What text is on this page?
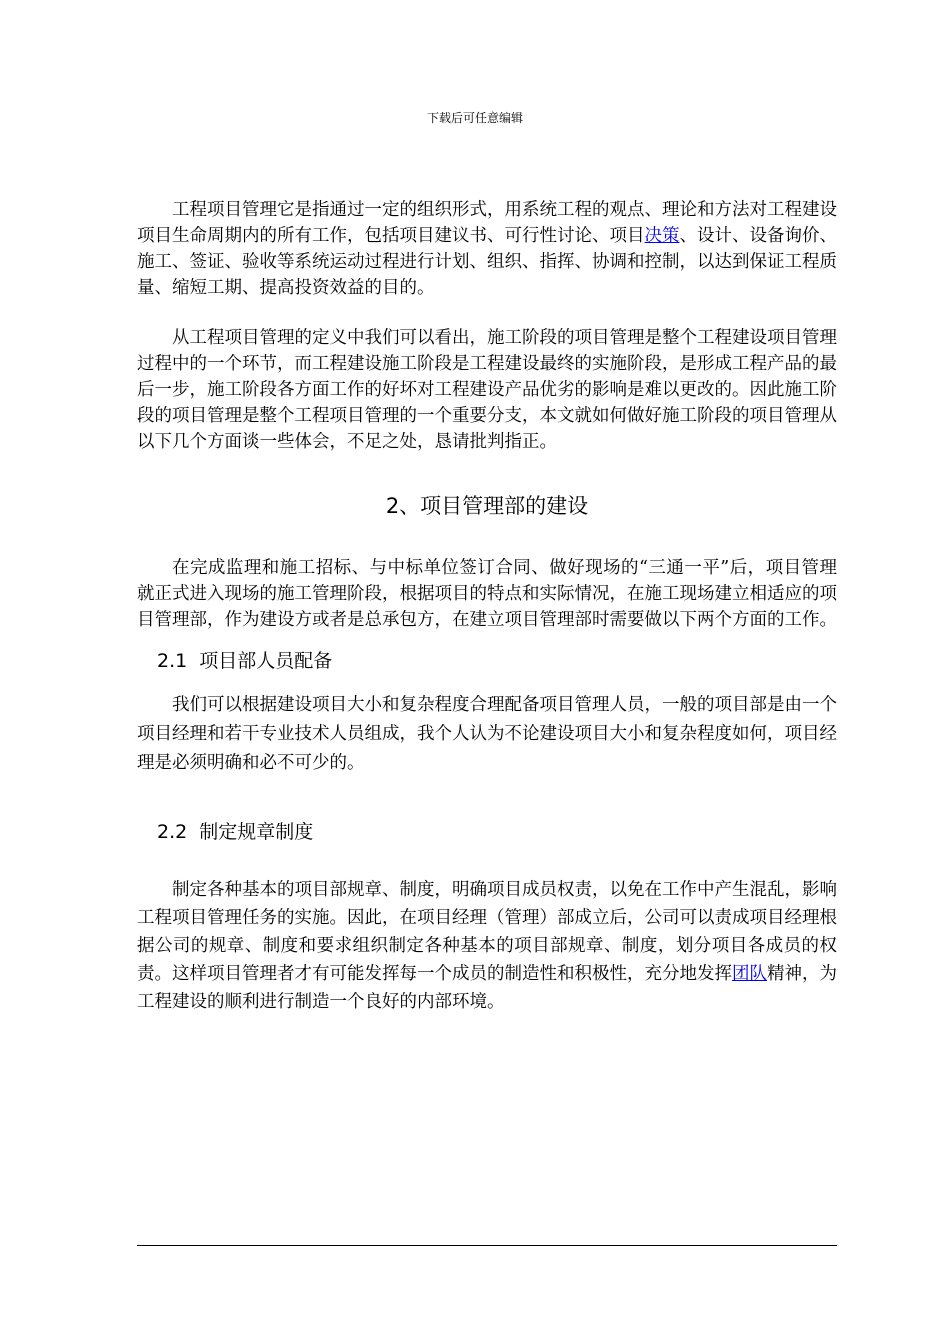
下载后可任意编辑

工程项目管理它是指通过一定的组织形式，用系统工程的观点、理论和方法对工程建设项目生命周期内的所有工作，包括项目建议书、可行性讨论、项目决策、设计、设备询价、施工、签证、验收等系统运动过程进行计划、组织、指挥、协调和控制，以达到保证工程质量、缩短工期、提高投资效益的目的。

从工程项目管理的定义中我们可以看出，施工阶段的项目管理是整个工程建设项目管理过程中的一个环节，而工程建设施工阶段是工程建设最终的实施阶段，是形成工程产品的最后一步，施工阶段各方面工作的好坏对工程建设产品优劣的影响是难以更改的。因此施工阶段的项目管理是整个工程项目管理的一个重要分支，本文就如何做好施工阶段的项目管理从以下几个方面谈一些体会，不足之处，恳请批判指正。

2、项目管理部的建设

在完成监理和施工招标、与中标单位签订合同、做好现场的“三通一平”后，项目管理就正式进入现场的施工管理阶段，根据项目的特点和实际情况，在施工现场建立相适应的项目管理部，作为建设方或者是总承包方，在建立项目管理部时需要做以下两个方面的工作。

2.1 项目部人员配备

我们可以根据建设项目大小和复杂程度合理配备项目管理人员，一般的项目部是由一个项目经理和若干专业技术人员组成，我个人认为不论建设项目大小和复杂程度如何，项目经理是必须明确和必不可少的。

2.2 制定规章制度

制定各种基本的项目部规章、制度，明确项目成员权责，以免在工作中产生混乱，影响工程项目管理任务的实施。因此，在项目经理（管理）部成立后，公司可以责成项目经理根据公司的规章、制度和要求组织制定各种基本的项目部规章、制度，划分项目各成员的权责。这样项目管理者才有可能发挥每一个成员的制造性和积极性，充分地发挥团队精神，为工程建设的顺利进行制造一个良好的内部环境。
